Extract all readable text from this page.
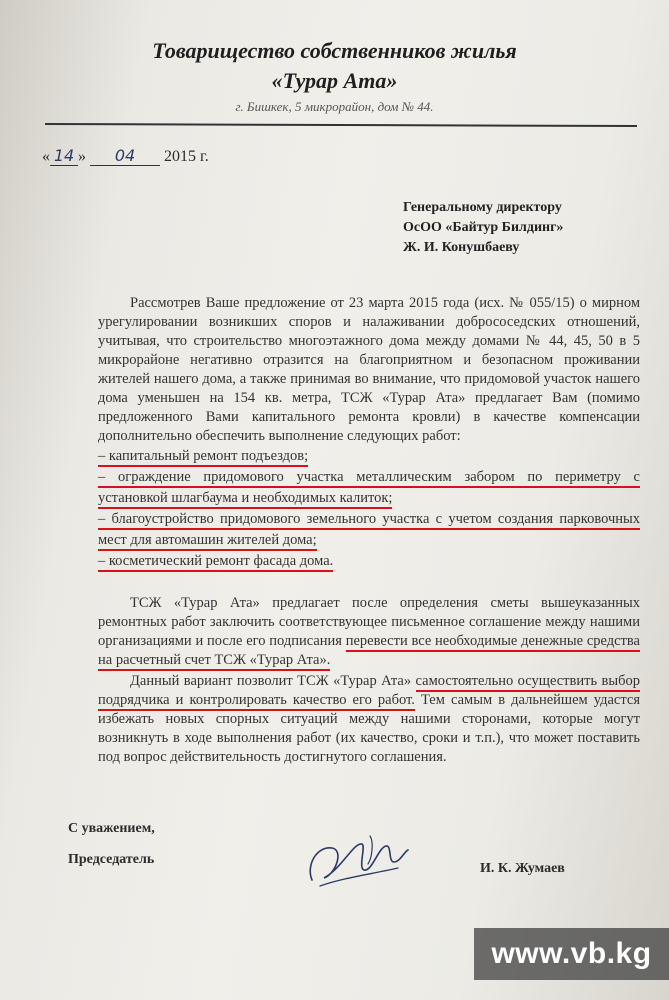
Товарищество собственников жилья
«Турар Ата»
г. Бишкек, 5 микрорайон, дом № 44.
« 14 » 04 2015 г.
Генеральному директору
ОсОО «Байтур Билдинг»
Ж. И. Конушбаеву

Рассмотрев Ваше предложение от 23 марта 2015 года (исх. № 055/15) о мирном урегулировании возникших споров и налаживании добрососедских отношений, учитывая, что строительство многоэтажного дома между домами № 44, 45, 50 в 5 микрорайоне негативно отразится на благоприятном и безопасном проживании жителей нашего дома, а также принимая во внимание, что придомовой участок нашего дома уменьшен на 154 кв. метра, ТСЖ «Турар Ата» предлагает Вам (помимо предложенного Вами капитального ремонта кровли) в качестве компенсации дополнительно обеспечить выполнение следующих работ:

– капитальный ремонт подъездов;
– ограждение придомового участка металлическим забором по периметру с установкой шлагбаума и необходимых калиток;
– благоустройство придомового земельного участка с учетом создания парковочных мест для автомашин жителей дома;
– косметический ремонт фасада дома.

ТСЖ «Турар Ата» предлагает после определения сметы вышеуказанных ремонтных работ заключить соответствующее письменное соглашение между нашими организациями и после его подписания перевести все необходимые денежные средства на расчетный счет ТСЖ «Турар Ата».

Данный вариант позволит ТСЖ «Турар Ата» самостоятельно осуществить выбор подрядчика и контролировать качество его работ. Тем самым в дальнейшем удастся избежать новых спорных ситуаций между нашими сторонами, которые могут возникнуть в ходе выполнения работ (их качество, сроки и т.п.), что может поставить под вопрос действительность достигнутого соглашения.

С уважением,
Председатель
И. К. Жумаев
www.vb.kg
